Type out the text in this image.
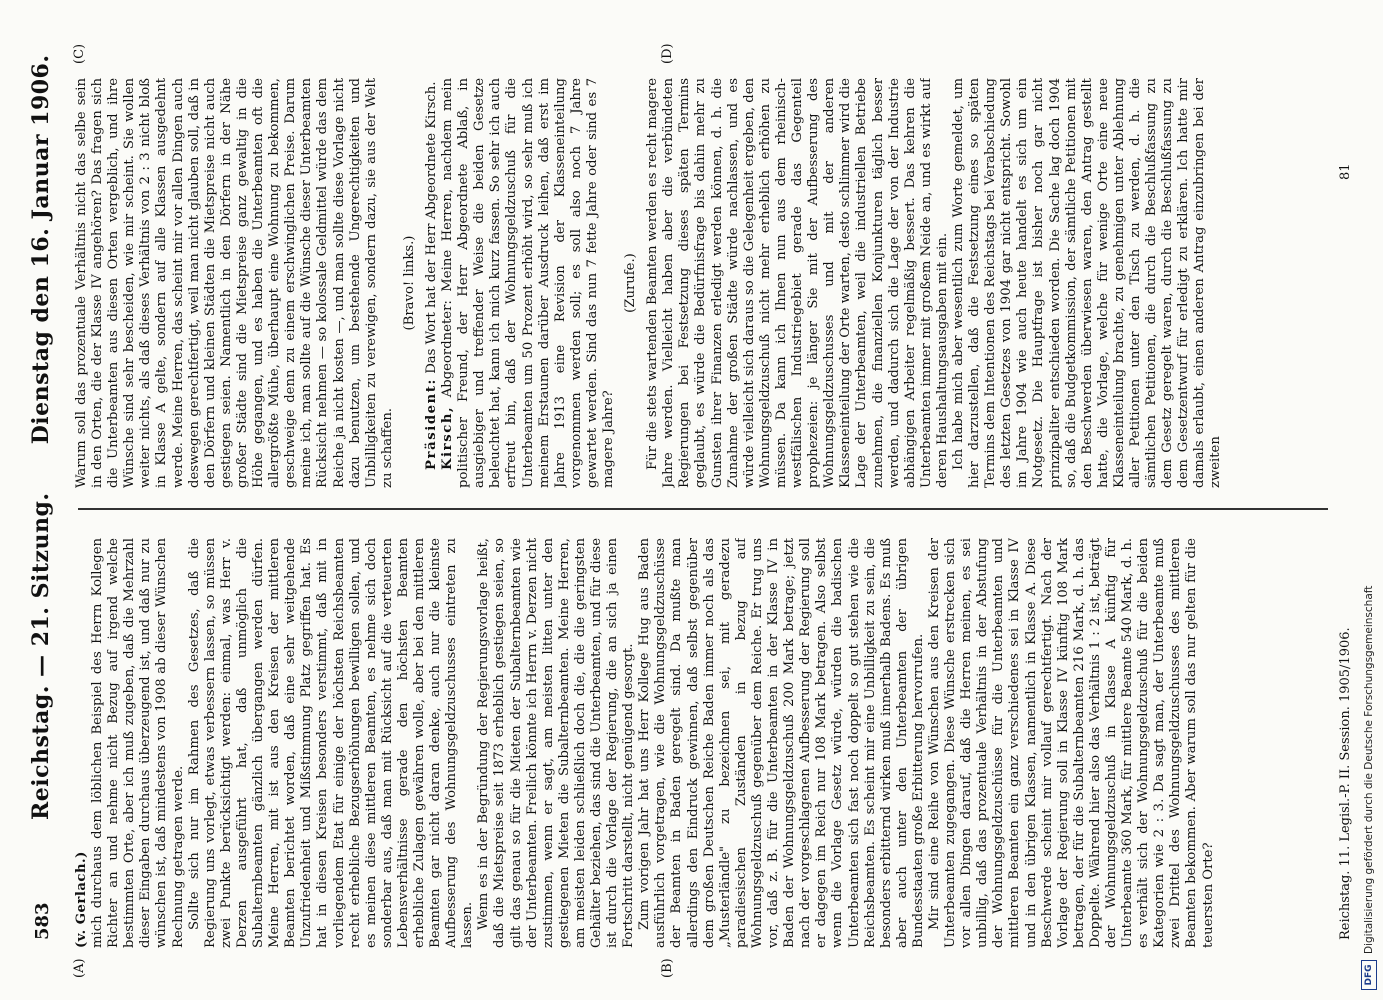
583
Reichstag. — 21. Sitzung. Dienstag den 16. Januar 1906.
(A)	(B)
(C)	(D)

(v. Gerlach.) mich durchaus dem löblichen Beispiel des Herrn Kollegen Richter an und nehme nicht Bezug auf irgend welche bestimmten Orte, aber ich muß zugeben, daß die Mehrzahl dieser Eingaben durchaus überzeugend ist, und daß nur zu wünschen ist, daß mindestens von 1908 ab dieser Wünschen Rechnung getragen werde. Sollte sich nur im Rahmen des Gesetzes, daß die Regierung uns vorlegt, etwas verbessern lassen, so müssen zwei Punkte berücksichtigt werden: einmal, was Herr v. Derzen ausgeführt hat, daß unmöglich die Subalternbeamten gänzlich übergangen werden dürfen. Meine Herren, mit ist aus den Kreisen der mittleren Beamten berichtet worden, daß eine sehr weitgehende Unzufriedenheit und Mißstimmung Platz gegriffen hat. Es hat in diesen Kreisen besonders verstimmt, daß mit in vorliegendem Etat für einige der höchsten Reichsbeamten recht erhebliche Bezugserhöhungen bewilligen sollen, und es meinen diese mittleren Beamten, es nehme sich doch sonderbar aus, daß man mit Rücksicht auf die verteuerten Lebensverhältnisse gerade den höchsten Beamten erhebliche Zulagen gewähren wolle, aber bei den mittleren Beamten gar nicht daran denke, auch nur die kleinste Aufbesserung des Wohnungsgeldzuschusses eintreten zu lassen. Wenn es in der Begründung der Regierungsvorlage heißt, daß die Mietspreise seit 1873 erheblich gestiegen seien, so gilt das genau so für die Mieten der Subalternbeamten wie der Unterbeamten. Freilich könnte ich Herrn v. Derzen nicht zustimmen, wenn er sagt, am meisten litten unter den gestiegenen Mieten die Subalternbeamten. Meine Herren, am meisten leiden schließlich doch die, die die geringsten Gehälter beziehen, das sind die Unterbeamten, und für diese ist durch die Vorlage der Regierung, die an sich ja einen Fortschritt darstellt, nicht genügend gesorgt. Zum vorigen Jahr hat uns Herr Kollege Hug aus Baden ausführlich vorgetragen, wie die Wohnungsgeldzuschüsse der Beamten in Baden geregelt sind. Da mußte man allerdings den Eindruck gewinnen, daß selbst gegenüber dem großen Deutschen Reiche Baden immer noch als das „Musterländle" zu bezeichnen sei, mit geradezu paradiesischen Zuständen in bezug auf Wohnungsgeldzuschuß gegenüber dem Reiche. Er trug uns vor, daß z. B. für die Unterbeamten in der Klasse IV in Baden der Wohnungsgeldzuschuß 200 Mark betrage; jetzt nach der vorgeschlagenen Aufbesserung der Regierung soll er dagegen im Reich nur 108 Mark betragen. Also selbst wenn die Vorlage Gesetz würde, würden die badischen Unterbeamten sich fast noch doppelt so gut stehen wie die Reichsbeamten. Es scheint mir eine Unbilligkeit zu sein, die besonders erbitternd wirken muß innerhalb Badens. Es muß aber auch unter den Unterbeamten der übrigen Bundesstaaten große Erbitterung hervorrufen. Mir sind eine Reihe von Wünschen aus den Kreisen der Unterbeamten zugegangen. Diese Wünsche erstrecken sich vor allen Dingen darauf, daß die Herren meinen, es sei unbillig, daß das prozentuale Verhältnis in der Abstufung der Wohnungsgeldzuschüsse für die Unterbeamten und mittleren Beamten ein ganz verschiedenes sei in Klasse IV und in den übrigen Klassen, namentlich in Klasse A. Diese Beschwerde scheint mir vollauf gerechtfertigt. Nach der Vorlage der Regierung soll in Klasse IV künftig 108 Mark betragen, der für die Subalternbeamten 216 Mark, d. h. das Doppelte. Während hier also das Verhältnis 1 : 2 ist, beträgt der Wohnungsgeldzuschuß in Klasse A künftig für Unterbeamte 360 Mark, für mittlere Beamte 540 Mark, d. h. es verhält sich der Wohnungsgeldzuschuß für die beiden Kategorien wie 2 : 3. Da sagt man, der Unterbeamte muß zwei Drittel des Wohnungsgeldzuschusses des mittleren Beamten bekommen. Aber warum soll das nur gelten für die teuersten Orte?

Warum soll das prozentuale Verhältnis nicht das selbe sein in den Orten, die der Klasse IV angehören? Das fragen sich die Unterbeamten aus diesen Orten vergeblich, und ihre Wünsche sind sehr bescheiden, wie mir scheint. Sie wollen weiter nichts, als daß dieses Verhältnis von 2 : 3 nicht bloß in Klasse A gelte, sondern auf alle Klassen ausgedehnt werde. Meine Herren, das scheint mir vor allen Dingen auch deswegen gerechtfertigt, weil man nicht glauben soll, daß in den Dörfern und kleinen Städten die Mietspreise nicht auch gestiegen seien. Namentlich in den Dörfern in der Nähe großer Städte sind die Mietspreise ganz gewaltig in die Höhe gegangen, und es haben die Unterbeamten oft die allergrößte Mühe, überhaupt eine Wohnung zu bekommen, geschweige denn zu einem erschwinglichen Preise. Darum meine ich, man sollte auf die Wünsche dieser Unterbeamten Rücksicht nehmen — so kolossale Geldmittel würde das dem Reiche ja nicht kosten —, und man sollte diese Vorlage nicht dazu benutzen, um bestehende Ungerechtigkeiten und Unbilligkeiten zu verewigen, sondern dazu, sie aus der Welt zu schaffen.

(Bravo! links.)

Präsident: Das Wort hat der Herr Abgeordnete Kirsch.

Kirsch, Abgeordneter: Meine Herren, nachdem mein politischer Freund, der Herr Abgeordnete Ablaß, in ausgiebiger und treffender Weise die beiden Gesetze beleuchtet hat, kann ich mich kurz fassen. So sehr ich auch erfreut bin, daß der Wohnungsgeldzuschuß für die Unterbeamten um 50 Prozent erhöht wird, so sehr muß ich meinem Erstaunen darüber Ausdruck leihen, daß erst im Jahre 1913 eine Revision der Klasseneinteilung vorgenommen werden soll; es soll also noch 7 Jahre gewartet werden. Sind das nun 7 fette Jahre oder sind es 7 magere Jahre?

(Zurufe.) Für die stets wartenden Beamten werden es recht magere Jahre werden. Vielleicht haben aber die verbündeten Regierungen bei Festsetzung dieses späten Termins geglaubt, es würde die Bedürfnisfrage bis dahin mehr zu Gunsten ihrer Finanzen erledigt werden können, d. h. die Zunahme der großen Städte würde nachlassen, und es würde vielleicht sich daraus so die Gelegenheit ergeben, den Wohnungsgeldzuschuß nicht mehr erheblich erhöhen zu müssen. Da kann ich Ihnen nun aus dem rheinisch-westfälischen Industriegebiet gerade das Gegenteil prophezeien: je länger Sie mit der Aufbesserung des Wohnungsgeldzuschusses und mit der anderen Klasseneinteilung der Orte warten, desto schlimmer wird die Lage der Unterbeamten, weil die industriellen Betriebe zunehmen, die finanziellen Konjunkturen täglich besser werden, und dadurch sich die Lage der von der Industrie abhängigen Arbeiter regelmäßig bessert. Das kehren die Unterbeamten immer mit großem Neide an, und es wirkt auf deren Haushaltungsausgaben mit ein. Ich habe mich aber wesentlich zum Worte gemeldet, um hier darzustellen, daß die Festsetzung eines so späten Termins dem Intentionen des Reichstags bei Verabschiedung des letzten Gesetzes von 1904 gar nicht entspricht. Sowohl im Jahre 1904 wie auch heute handelt es sich um ein Notgesetz. Die Hauptfrage ist bisher noch gar nicht prinzipaliter entschieden worden. Die Sache lag doch 1904 so, daß die Budgetkommission, der sämtliche Petitionen mit den Beschwerden überwiesen waren, den Antrag gestellt hatte, die Vorlage, welche für wenige Orte eine neue Klasseneinteilung brachte, zu genehmigen unter Ablehnung aller Petitionen unter den Tisch zu werden, d. h. die sämtlichen Petitionen, die durch die Beschlußfassung zu dem Gesetz geregelt waren, durch die Beschlußfassung zu dem Gesetzentwurf für erledigt zu erklären. Ich hatte mir damals erlaubt, einen anderen Antrag einzubringen bei der zweiten

Reichstag. 11. Legisl.-P. II. Session. 1905/1906.
81
DFG
Digitalisierung gefördert durch die Deutsche Forschungsgemeinschaft
